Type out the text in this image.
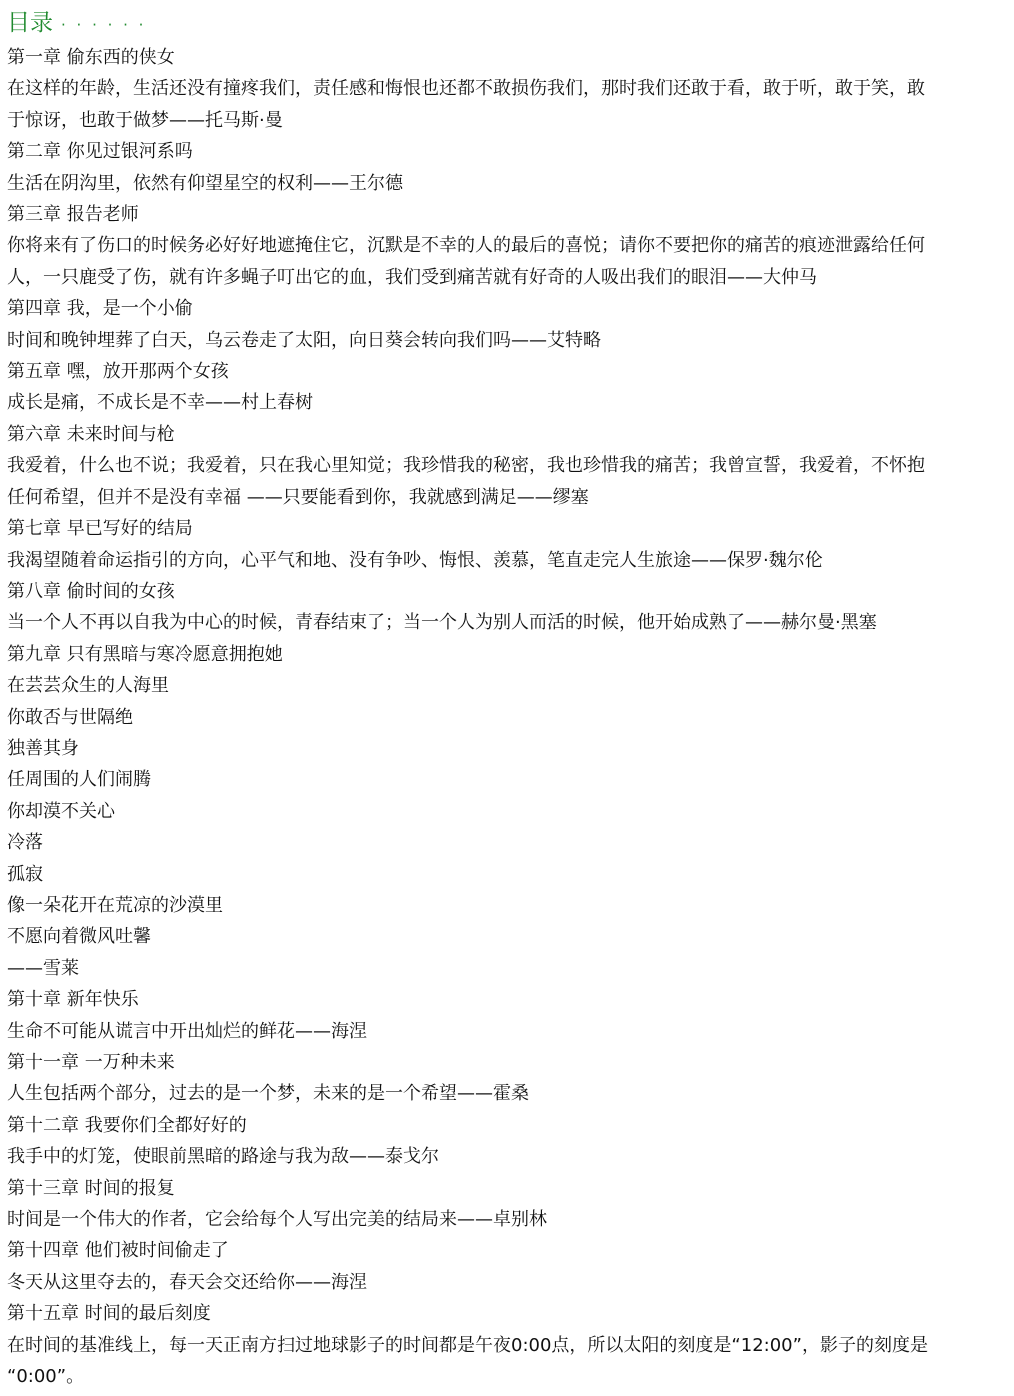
目录 · · · · · ·
第一章 偷东西的侠女
在这样的年龄，生活还没有撞疼我们，责任感和悔恨也还都不敢损伤我们，那时我们还敢于看，敢于听，敢于笑，敢
于惊讶，也敢于做梦——托马斯·曼
第二章 你见过银河系吗
生活在阴沟里，依然有仰望星空的权利——王尔德
第三章 报告老师
你将来有了伤口的时候务必好好地遮掩住它，沉默是不幸的人的最后的喜悦；请你不要把你的痛苦的痕迹泄露给任何
人，一只鹿受了伤，就有许多蝇子叮出它的血，我们受到痛苦就有好奇的人吸出我们的眼泪——大仲马
第四章 我，是一个小偷
时间和晚钟埋葬了白天，乌云卷走了太阳，向日葵会转向我们吗——艾特略
第五章 嘿，放开那两个女孩
成长是痛，不成长是不幸——村上春树
第六章 未来时间与枪
我爱着，什么也不说；我爱着，只在我心里知觉；我珍惜我的秘密，我也珍惜我的痛苦；我曾宣誓，我爱着，不怀抱
任何希望，但并不是没有幸福 ——只要能看到你，我就感到满足——缪塞
第七章 早已写好的结局
我渴望随着命运指引的方向，心平气和地、没有争吵、悔恨、羡慕，笔直走完人生旅途——保罗·魏尔伦
第八章 偷时间的女孩
当一个人不再以自我为中心的时候，青春结束了；当一个人为别人而活的时候，他开始成熟了——赫尔曼·黑塞
第九章 只有黑暗与寒冷愿意拥抱她
在芸芸众生的人海里
你敢否与世隔绝
独善其身
任周围的人们闹腾
你却漠不关心
冷落
孤寂
像一朵花开在荒凉的沙漠里
不愿向着微风吐馨
——雪莱
第十章 新年快乐
生命不可能从谎言中开出灿烂的鲜花——海涅
第十一章 一万种未来
人生包括两个部分，过去的是一个梦，未来的是一个希望——霍桑
第十二章 我要你们全都好好的
我手中的灯笼，使眼前黑暗的路途与我为敌——泰戈尔
第十三章 时间的报复
时间是一个伟大的作者，它会给每个人写出完美的结局来——卓别林
第十四章 他们被时间偷走了
冬天从这里夺去的，春天会交还给你——海涅
第十五章 时间的最后刻度
在时间的基准线上，每一天正南方扫过地球影子的时间都是午夜0:00点，所以太阳的刻度是“12:00”，影子的刻度是
“0:00”。
